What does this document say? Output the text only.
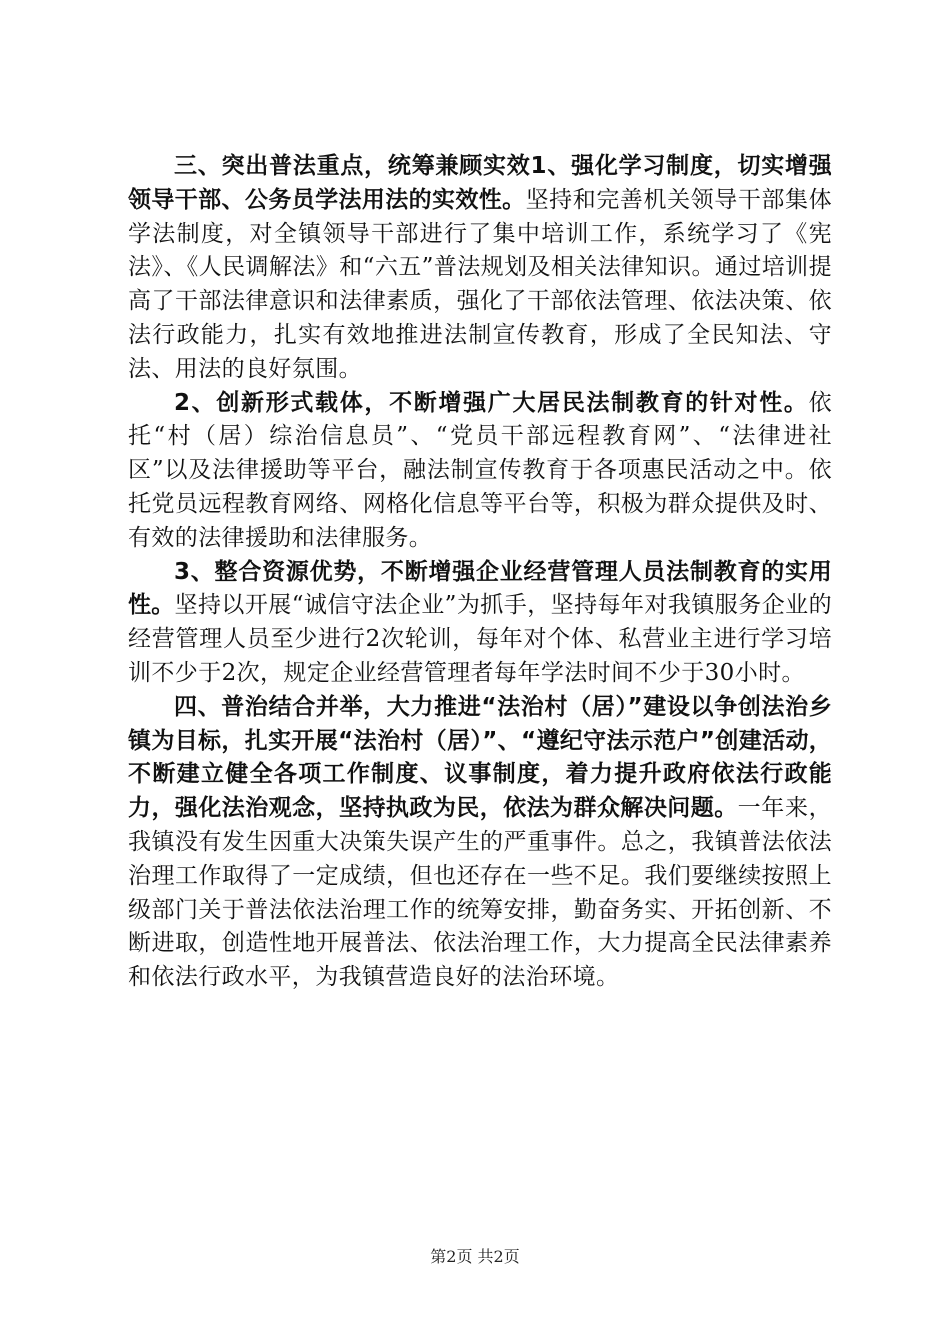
三、突出普法重点，统筹兼顾实效1、强化学习制度，切实增强领导干部、公务员学法用法的实效性。坚持和完善机关领导干部集体学法制度，对全镇领导干部进行了集中培训工作，系统学习了《宪法》、《人民调解法》和“六五”普法规划及相关法律知识。通过培训提高了干部法律意识和法律素质，强化了干部依法管理、依法决策、依法行政能力，扎实有效地推进法制宣传教育，形成了全民知法、守法、用法的良好氛围。

2、创新形式载体，不断增强广大居民法制教育的针对性。依托“村（居）综治信息员”、“党员干部远程教育网”、“法律进社区”以及法律援助等平台，融法制宣传教育于各项惠民活动之中。依托党员远程教育网络、网格化信息等平台等，积极为群众提供及时、有效的法律援助和法律服务。

3、整合资源优势，不断增强企业经营管理人员法制教育的实用性。坚持以开展“诚信守法企业”为抓手，坚持每年对我镇服务企业的经营管理人员至少进行2次轮训，每年对个体、私营业主进行学习培训不少于2次，规定企业经营管理者每年学法时间不少于30小时。

四、普治结合并举，大力推进“法治村（居）”建设以争创法治乡镇为目标，扎实开展“法治村（居）”、“遵纪守法示范户”创建活动，不断建立健全各项工作制度、议事制度，着力提升政府依法行政能力，强化法治观念，坚持执政为民，依法为群众解决问题。一年来，我镇没有发生因重大决策失误产生的严重事件。总之，我镇普法依法治理工作取得了一定成绩，但也还存在一些不足。我们要继续按照上级部门关于普法依法治理工作的统筹安排，勤奋务实、开拓创新、不断进取，创造性地开展普法、依法治理工作，大力提高全民法律素养和依法行政水平，为我镇营造良好的法治环境。

第2页 共2页
